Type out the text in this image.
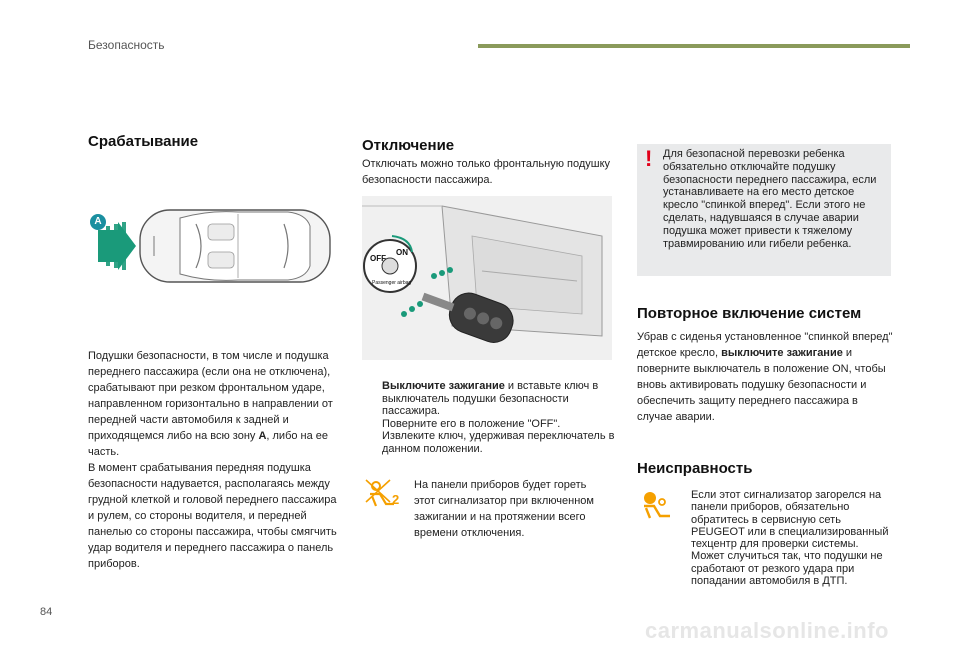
Безопасность
Срабатывание
A
Подушки безопасности, в том числе и подушка переднего пассажира (если она не отключена), срабатывают при резком фронтальном ударе, направленном горизонтально в направлении от передней части автомобиля к задней и приходящемся либо на всю зону A, либо на ее часть.
В момент срабатывания передняя подушка безопасности надувается, располагаясь между грудной клеткой и головой переднего пассажира и рулем, со стороны водителя, и передней панелью со стороны пассажира, чтобы смягчить удар водителя и переднего пассажира о панель приборов.
Отключение
Отключать можно только фронтальную подушку безопасности пассажира.
OFF
ON
Passenger airbag
Выключите зажигание и вставьте ключ в выключатель подушки безопасности пассажира.
Поверните его в положение "OFF".
Извлеките ключ, удерживая переключатель в данном положении.
2
На панели приборов будет гореть этот сигнализатор при включенном зажигании и на протяжении всего времени отключения.
! Для безопасной перевозки ребенка обязательно отключайте подушку безопасности переднего пассажира, если устанавливаете на его место детское кресло "спинкой вперед". Если этого не сделать, надувшаяся в случае аварии подушка может привести к тяжелому травмированию или гибели ребенка.
Повторное включение систем
Убрав с сиденья установленное "спинкой вперед" детское кресло, выключите зажигание и поверните выключатель в положение ON, чтобы вновь активировать подушку безопасности и обеспечить защиту переднего пассажира в случае аварии.
Неисправность
Если этот сигнализатор загорелся на панели приборов, обязательно обратитесь в сервисную сеть PEUGEOT или в специализированный техцентр для проверки системы. Может случиться так, что подушки не сработают от резкого удара при попадании автомобиля в ДТП.
84
carmanualsonline.info
